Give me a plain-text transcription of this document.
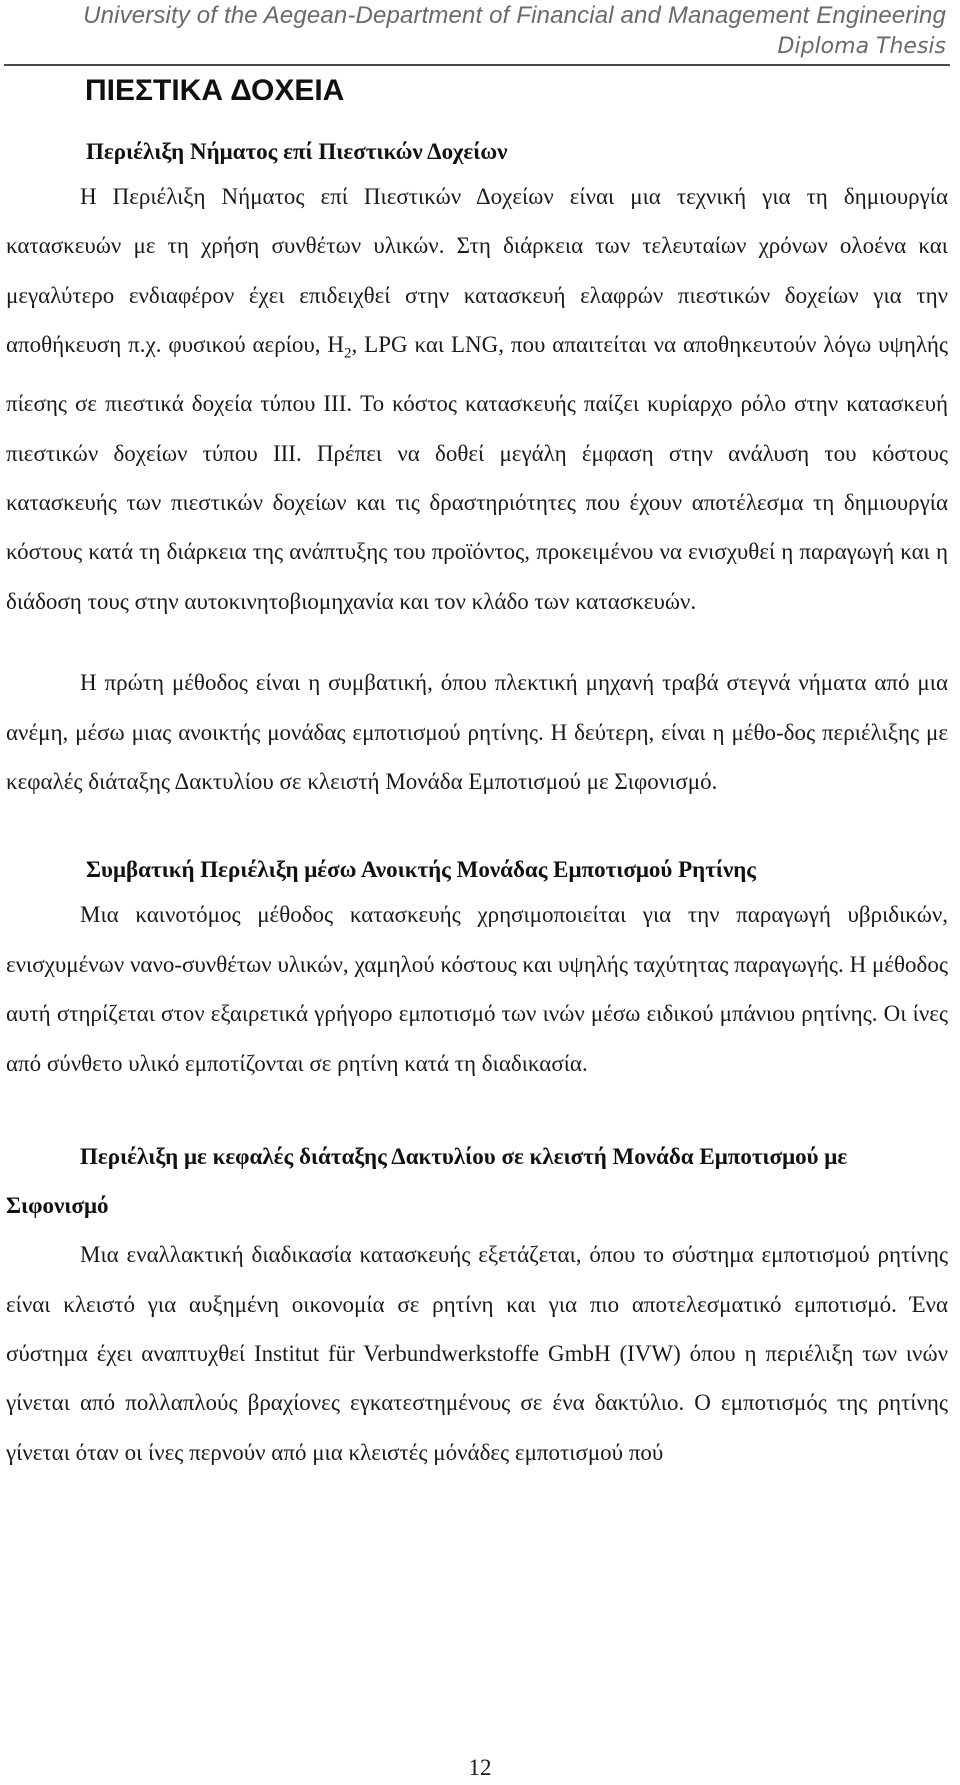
University of the Aegean-Department of Financial and Management Engineering
Diploma Thesis
ΠΙΕΣΤΙΚΑ ΔΟΧΕΙΑ
Περιέλιξη Νήματος επί Πιεστικών Δοχείων

Η Περιέλιξη Νήματος επί Πιεστικών Δοχείων είναι μια τεχνική για τη δημιουργία κατασκευών με τη χρήση συνθέτων υλικών. Στη διάρκεια των τελευταίων χρόνων ολοένα και μεγαλύτερο ενδιαφέρον έχει επιδειχθεί στην κατασκευή ελαφρών πιεστικών δοχείων για την αποθήκευση π.χ. φυσικού αερίου, $H_2$, LPG και LNG, που απαιτείται να αποθηκευτούν λόγω υψηλής πίεσης σε πιεστικά δοχεία τύπου III. Το κόστος κατασκευής παίζει κυρίαρχο ρόλο στην κατασκευή πιεστικών δοχείων τύπου III. Πρέπει να δοθεί μεγάλη έμφαση στην ανάλυση του κόστους κατασκευής των πιεστικών δοχείων και τις δραστηριότητες που έχουν αποτέλεσμα τη δημιουργία κόστους κατά τη διάρκεια της ανάπτυξης του προϊόντος, προκειμένου να ενισχυθεί η παραγωγή και η διάδοση τους στην αυτοκινητοβιομηχανία και τον κλάδο των κατασκευών.

Η πρώτη μέθοδος είναι η συμβατική, όπου πλεκτική μηχανή τραβά στεγνά νήματα από μια ανέμη, μέσω μιας ανοικτής μονάδας εμποτισμού ρητίνης. Η δεύτερη, είναι η μέθο-δος περιέλιξης με κεφαλές διάταξης Δακτυλίου σε κλειστή Μονάδα Εμποτισμού με Σιφονισμό.

Συμβατική Περιέλιξη μέσω Ανοικτής Μονάδας Εμποτισμού Ρητίνης

Μια καινοτόμος μέθοδος κατασκευής χρησιμοποιείται για την παραγωγή υβριδικών, ενισχυμένων νανο-συνθέτων υλικών, χαμηλού κόστους και υψηλής ταχύτητας παραγωγής. Η μέθοδος αυτή στηρίζεται στον εξαιρετικά γρήγορο εμποτισμό των ινών μέσω ειδικού μπάνιου ρητίνης. Οι ίνες από σύνθετο υλικό εμποτίζονται σε ρητίνη κατά τη διαδικασία.

Περιέλιξη με κεφαλές διάταξης Δακτυλίου σε κλειστή Μονάδα Εμποτισμού με Σιφονισμό

Μια εναλλακτική διαδικασία κατασκευής εξετάζεται, όπου το σύστημα εμποτισμού ρητίνης είναι κλειστό για αυξημένη οικονομία σε ρητίνη και για πιο αποτελεσματικό εμποτισμό. Ένα σύστημα έχει αναπτυχθεί Institut für Verbundwerkstoffe GmbH (IVW) όπου η περιέλιξη των ινών γίνεται από πολλαπλούς βραχίονες εγκατεστημένους σε ένα δακτύλιο. Ο εμποτισμός της ρητίνης γίνεται όταν οι ίνες περνούν από μια κλειστές μόνάδες εμποτισμού πού

12
